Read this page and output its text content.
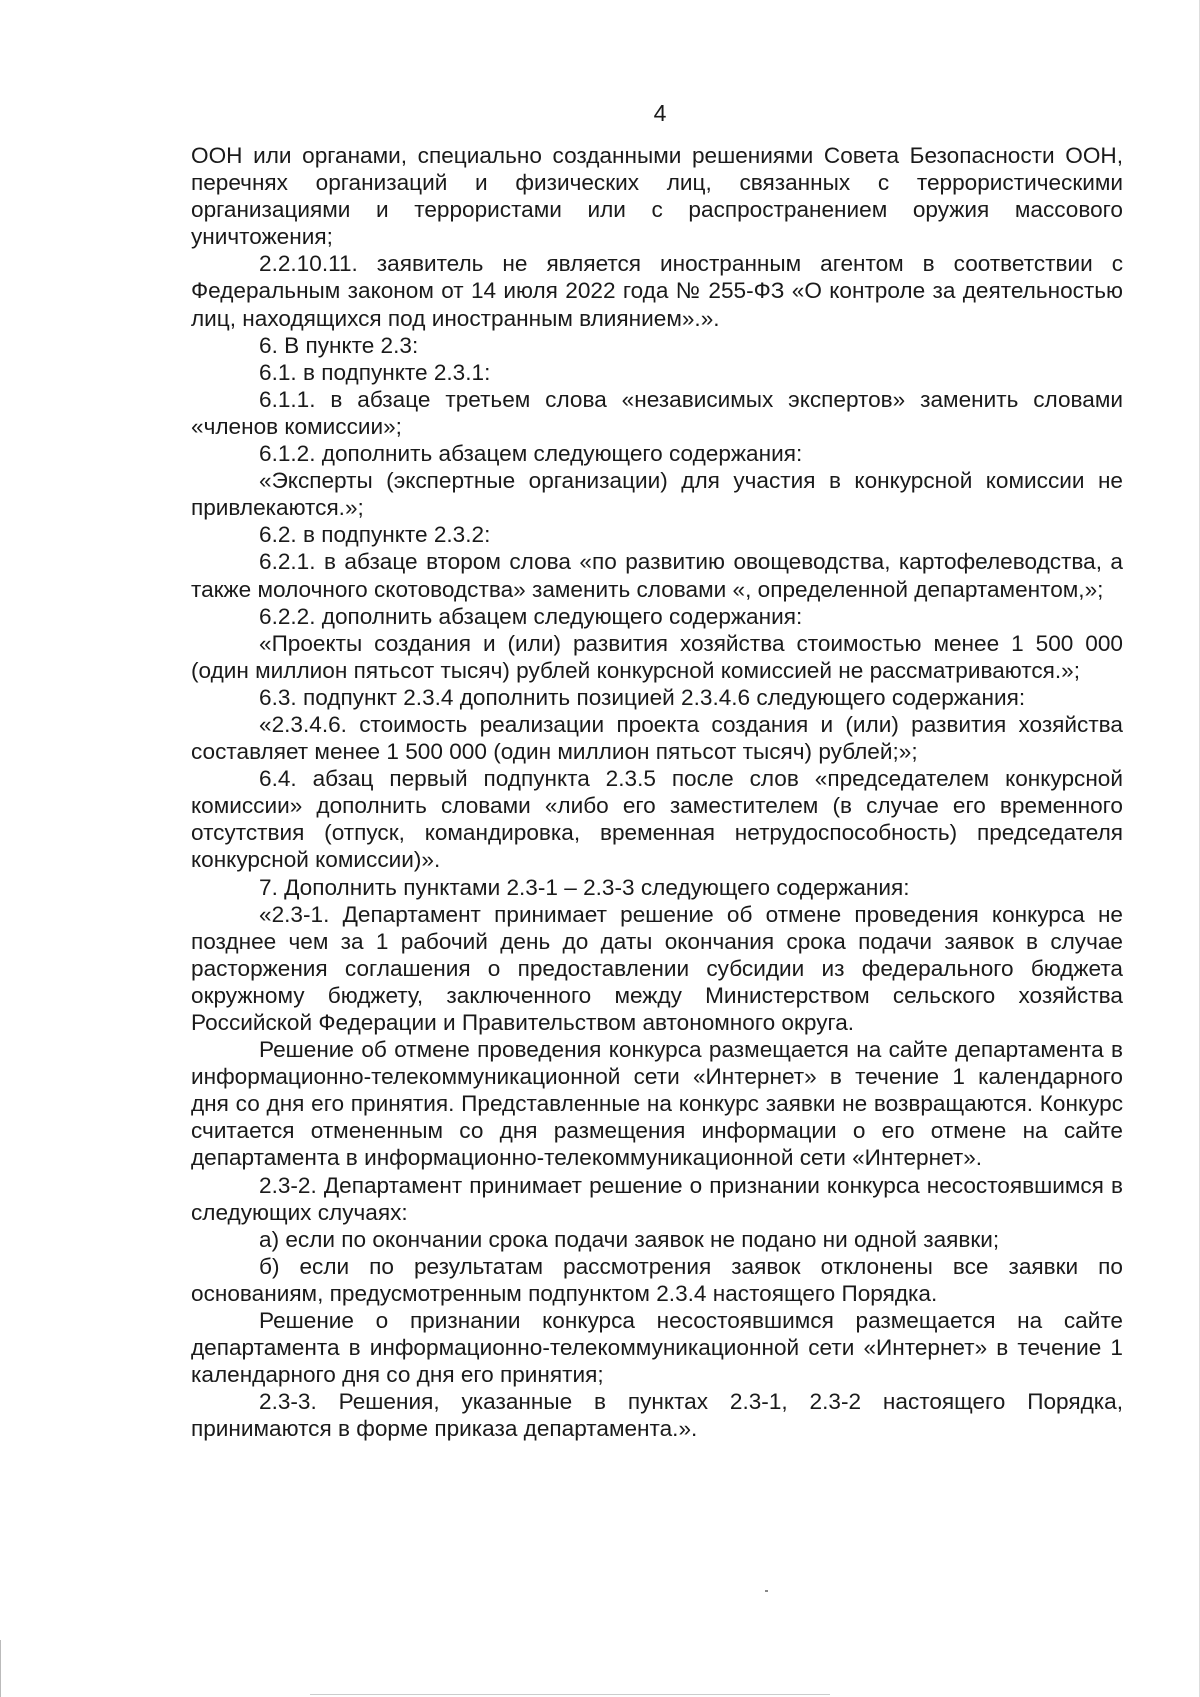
4

ООН или органами, специально созданными решениями Совета Безопасности ООН, перечнях организаций и физических лиц, связанных с террористическими организациями и террористами или с распространением оружия массового уничтожения;

2.2.10.11. заявитель не является иностранным агентом в соответствии с Федеральным законом от 14 июля 2022 года № 255-ФЗ «О контроле за деятельностью лиц, находящихся под иностранным влиянием».».

6. В пункте 2.3:

6.1. в подпункте 2.3.1:

6.1.1. в абзаце третьем слова «независимых экспертов» заменить словами «членов комиссии»;

6.1.2. дополнить абзацем следующего содержания:

«Эксперты (экспертные организации) для участия в конкурсной комиссии не привлекаются.»;

6.2. в подпункте 2.3.2:

6.2.1. в абзаце втором слова «по развитию овощеводства, картофелеводства, а также молочного скотоводства» заменить словами «, определенной департаментом,»;

6.2.2. дополнить абзацем следующего содержания:

«Проекты создания и (или) развития хозяйства стоимостью менее 1 500 000 (один миллион пятьсот тысяч) рублей конкурсной комиссией не рассматриваются.»;

6.3. подпункт 2.3.4 дополнить позицией 2.3.4.6 следующего содержания:

«2.3.4.6. стоимость реализации проекта создания и (или) развития хозяйства составляет менее 1 500 000 (один миллион пятьсот тысяч) рублей;»;

6.4. абзац первый подпункта 2.3.5 после слов «председателем конкурсной комиссии» дополнить словами «либо его заместителем (в случае его временного отсутствия (отпуск, командировка, временная нетрудоспособность) председателя конкурсной комиссии)».

7. Дополнить пунктами 2.3-1 – 2.3-3 следующего содержания:

«2.3-1. Департамент принимает решение об отмене проведения конкурса не позднее чем за 1 рабочий день до даты окончания срока подачи заявок в случае расторжения соглашения о предоставлении субсидии из федерального бюджета окружному бюджету, заключенного между Министерством сельского хозяйства Российской Федерации и Правительством автономного округа.

Решение об отмене проведения конкурса размещается на сайте департамента в информационно-телекоммуникационной сети «Интернет» в течение 1 календарного дня со дня его принятия. Представленные на конкурс заявки не возвращаются. Конкурс считается отмененным со дня размещения информации о его отмене на сайте департамента в информационно-телекоммуникационной сети «Интернет».

2.3-2. Департамент принимает решение о признании конкурса несостоявшимся в следующих случаях:

а) если по окончании срока подачи заявок не подано ни одной заявки;

б) если по результатам рассмотрения заявок отклонены все заявки по основаниям, предусмотренным подпунктом 2.3.4 настоящего Порядка.

Решение о признании конкурса несостоявшимся размещается на сайте департамента в информационно-телекоммуникационной сети «Интернет» в течение 1 календарного дня со дня его принятия;

2.3-3. Решения, указанные в пунктах 2.3-1, 2.3-2 настоящего Порядка, принимаются в форме приказа департамента.».
